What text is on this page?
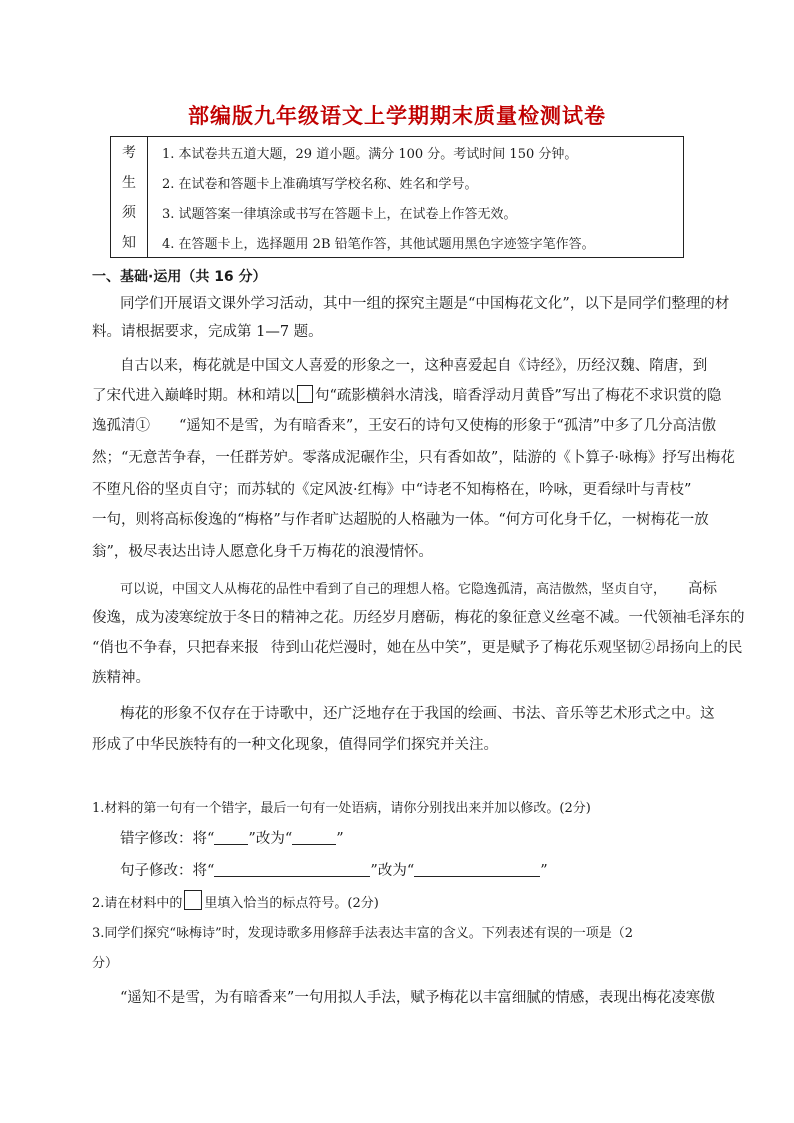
部编版九年级语文上学期期末质量检测试卷
考	1. 本试卷共五道大题，29 道小题。满分 100 分。考试时间 150 分钟。
生	2. 在试卷和答题卡上准确填写学校名称、姓名和学号。
须	3. 试题答案一律填涂或书写在答题卡上，在试卷上作答无效。
知	4. 在答题卡上，选择题用 2B 铅笔作答，其他试题用黑色字迹签字笔作答。
一、基础·运用（共 16 分）
同学们开展语文课外学习活动，其中一组的探究主题是“中国梅花文化”，以下是同学们整理的材
料。请根据要求，完成第 1—7 题。
自古以来，梅花就是中国文人喜爱的形象之一，这种喜爱起自《诗经》，历经汉魏、隋唐，到
了宋代进入巅峰时期。林和靖以 句“疏影横斜水清浅，暗香浮动月黄昏”写出了梅花不求识赏的隐
逸孤清①　　“遥知不是雪，为有暗香来”，王安石的诗句又使梅的形象于“孤清”中多了几分高洁傲
然；“无意苦争春，一任群芳妒。零落成泥碾作尘，只有香如故”，陆游的《卜算子·咏梅》抒写出梅花
不堕凡俗的坚贞自守；而苏轼的《定风波·红梅》中“诗老不知梅格在，吟咏，更看绿叶与青枝”
一句，则将高标俊逸的“梅格”与作者旷达超脱的人格融为一体。“何方可化身千亿，一树梅花一放
翁”，极尽表达出诗人愿意化身千万梅花的浪漫情怀。
可以说，中国文人从梅花的品性中看到了自己的理想人格。它隐逸孤清，高洁傲然，坚贞自守， 高标
俊逸，成为凌寒绽放于冬日的精神之花。历经岁月磨砺，梅花的象征意义丝毫不减。一代领袖毛泽东的
“俏也不争春，只把春来报 待到山花烂漫时，她在丛中笑”，更是赋予了梅花乐观坚韧②昂扬向上的民
族精神。
梅花的形象不仅存在于诗歌中，还广泛地存在于我国的绘画、书法、音乐等艺术形式之中。这
形成了中华民族特有的一种文化现象，值得同学们探究并关注。
1.材料的第一句有一个错字，最后一句有一处语病，请你分别找出来并加以修改。(2分)
错字修改：将“ ”改为“	”
句子修改：将“	”改为“	”
2.请在材料中的 里填入恰当的标点符号。(2分)
3.同学们探究“咏梅诗”时，发现诗歌多用修辞手法表达丰富的含义。下列表述有误的一项是（2
分）
“遥知不是雪，为有暗香来”一句用拟人手法，赋予梅花以丰富细腻的情感，表现出梅花凌寒傲
